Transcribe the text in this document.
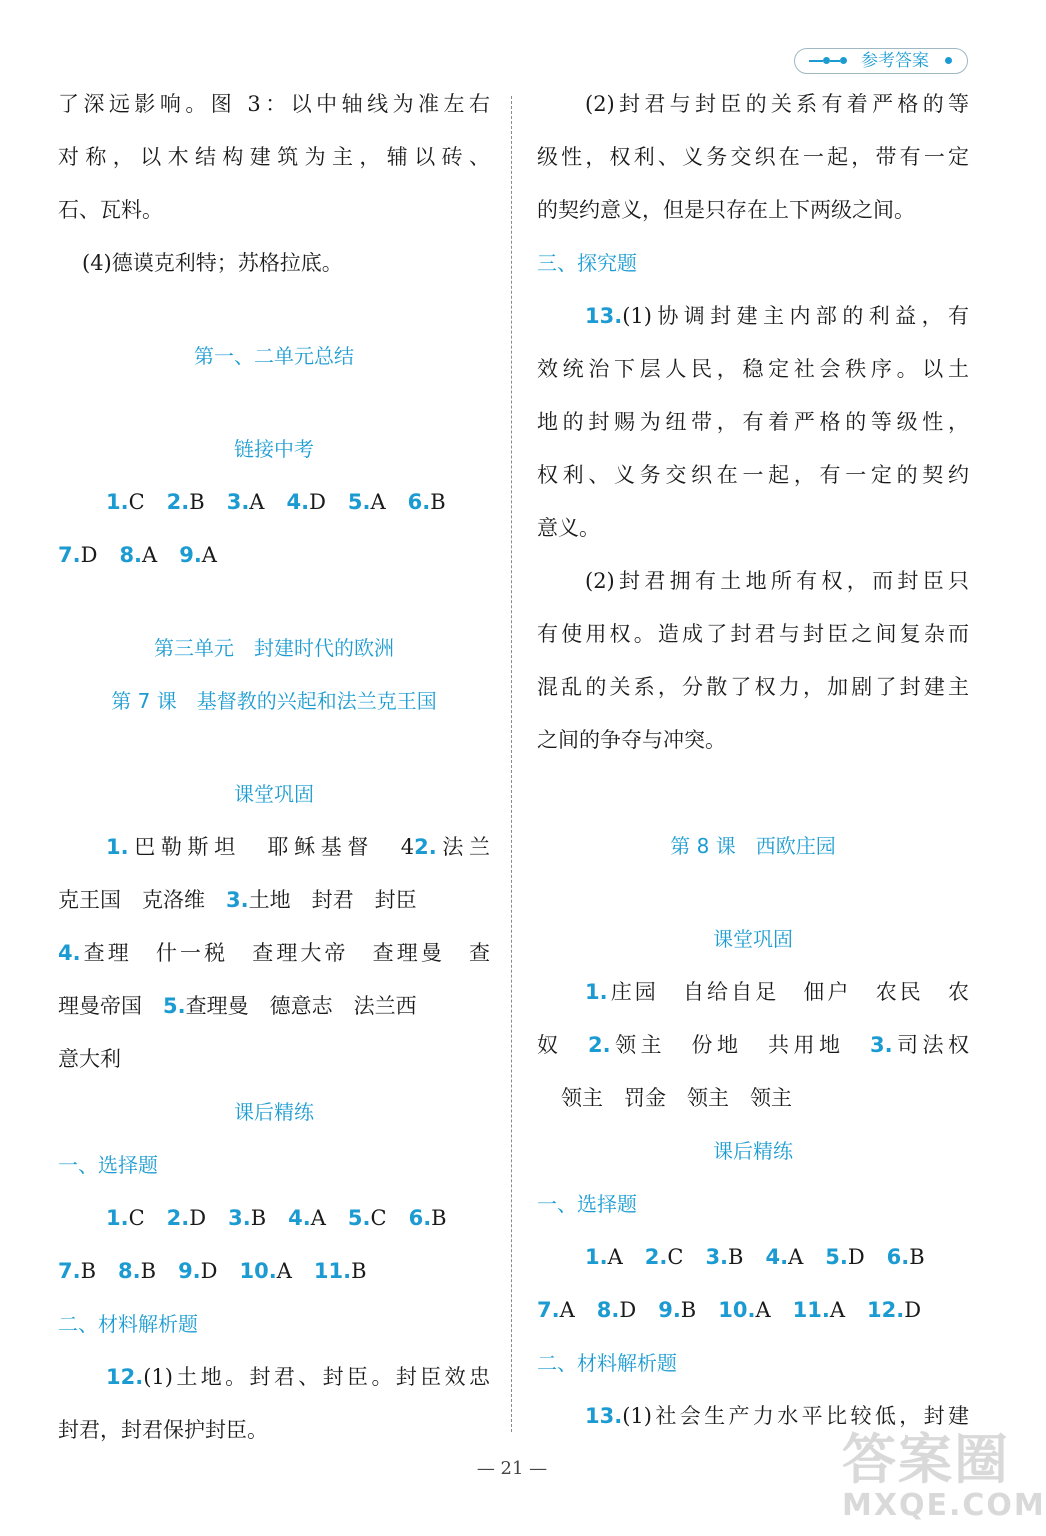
参考答案
了深远影响。图 3：以中轴线为准左右
对称，以木结构建筑为主，辅以砖、
石、瓦料。
(4)德谟克利特；苏格拉底。
第一、二单元总结
链接中考
1.C 2.B 3.A 4.D 5.A 6.B
7.D 8.A 9.A
第三单元　封建时代的欧洲
第 7 课　基督教的兴起和法兰克王国
课堂巩固
1.巴勒斯坦　耶稣基督　42.法兰
克王国　克洛维　3.土地　封君　封臣
4.查理　什一税　查理大帝　查理曼　查
理曼帝国　5.查理曼　德意志　法兰西
意大利
课后精练
一、选择题
1.C 2.D 3.B 4.A 5.C 6.B
7.B 8.B 9.D 10.A 11.B
二、材料解析题
12.(1)土地。封君、封臣。封臣效忠
封君，封君保护封臣。
(2)封君与封臣的关系有着严格的等
级性，权利、义务交织在一起，带有一定
的契约意义，但是只存在上下两级之间。
三、探究题
13.(1)协调封建主内部的利益，有
效统治下层人民，稳定社会秩序。以土
地的封赐为纽带，有着严格的等级性，
权利、义务交织在一起，有一定的契约
意义。
(2)封君拥有土地所有权，而封臣只
有使用权。造成了封君与封臣之间复杂而
混乱的关系，分散了权力，加剧了封建主
之间的争夺与冲突。
第 8 课　西欧庄园
课堂巩固
1.庄园　自给自足　佃户　农民　农
奴　2.领主　份地　共用地　3.司法权
领主　罚金　领主　领主
课后精练
一、选择题
1.A 2.C 3.B 4.A 5.D 6.B
7.A 8.D 9.B 10.A 11.A 12.D
二、材料解析题
13.(1)社会生产力水平比较低，封建
— 21 —	答案圈
MXQE.COM
